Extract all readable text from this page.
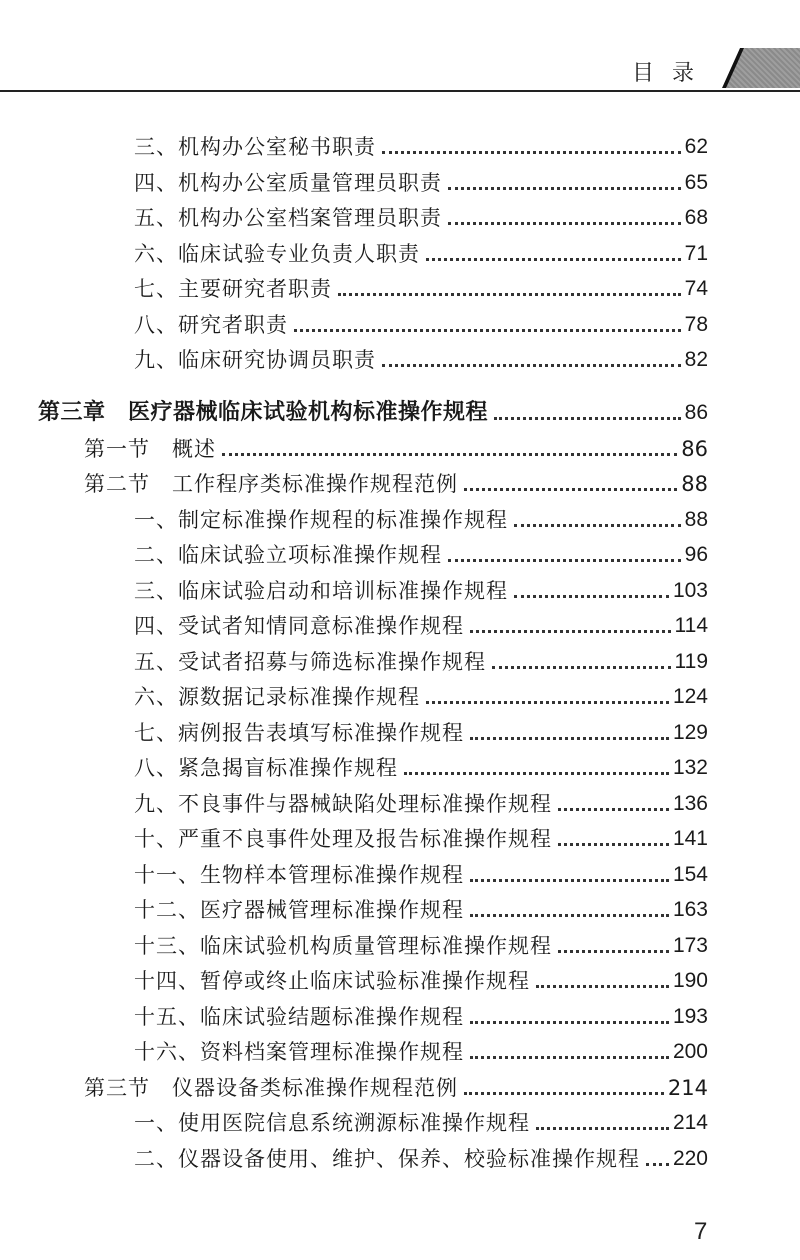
目录
三、机构办公室秘书职责	62
四、机构办公室质量管理员职责	65
五、机构办公室档案管理员职责	68
六、临床试验专业负责人职责	71
七、主要研究者职责	74
八、研究者职责	78
九、临床研究协调员职责	82
第三章　医疗器械临床试验机构标准操作规程	86
第一节　概述	86
第二节　工作程序类标准操作规程范例	88
一、制定标准操作规程的标准操作规程	88
二、临床试验立项标准操作规程	96
三、临床试验启动和培训标准操作规程	103
四、受试者知情同意标准操作规程	114
五、受试者招募与筛选标准操作规程	119
六、源数据记录标准操作规程	124
七、病例报告表填写标准操作规程	129
八、紧急揭盲标准操作规程	132
九、不良事件与器械缺陷处理标准操作规程	136
十、严重不良事件处理及报告标准操作规程	141
十一、生物样本管理标准操作规程	154
十二、医疗器械管理标准操作规程	163
十三、临床试验机构质量管理标准操作规程	173
十四、暂停或终止临床试验标准操作规程	190
十五、临床试验结题标准操作规程	193
十六、资料档案管理标准操作规程	200
第三节　仪器设备类标准操作规程范例	214
一、使用医院信息系统溯源标准操作规程	214
二、仪器设备使用、维护、保养、校验标准操作规程 220
7
